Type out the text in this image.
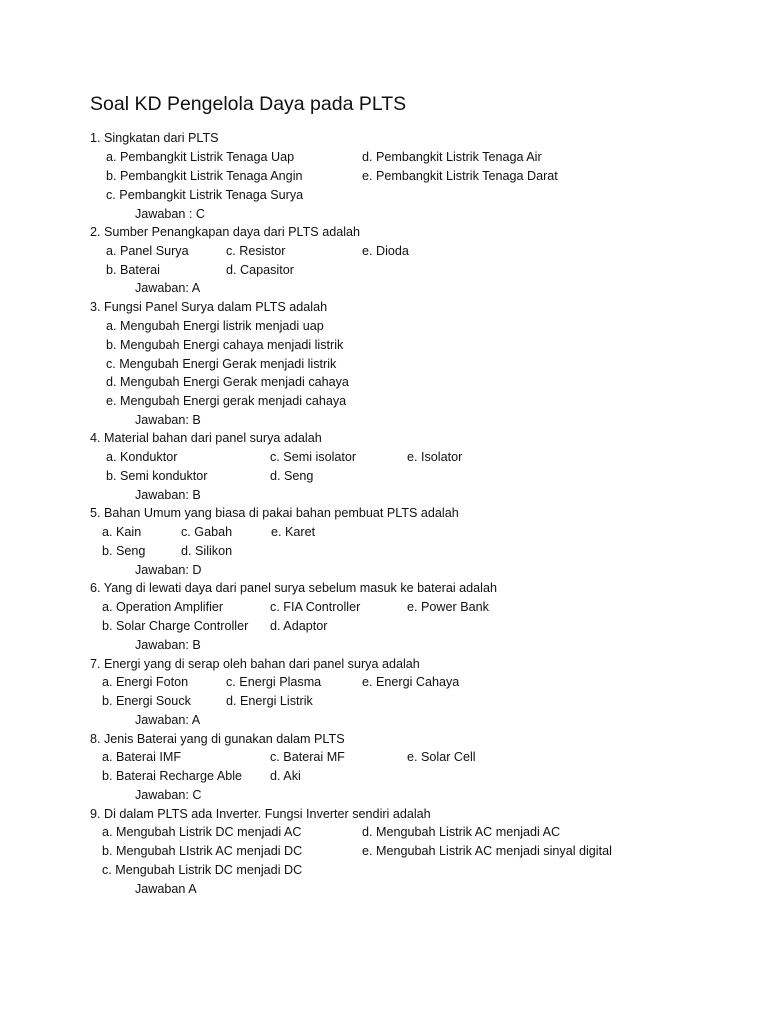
Soal KD Pengelola Daya pada PLTS
1. Singkatan dari PLTS
a. Pembangkit Listrik Tenaga Uap	d. Pembangkit Listrik Tenaga Air
b. Pembangkit Listrik Tenaga Angin	e. Pembangkit Listrik Tenaga Darat
c. Pembangkit Listrik Tenaga Surya
Jawaban : C
2. Sumber Penangkapan daya dari PLTS adalah
a. Panel Surya	c. Resistor	e. Dioda
b. Baterai	d. Capasitor
Jawaban: A
3. Fungsi Panel Surya dalam PLTS adalah
a. Mengubah Energi listrik menjadi uap
b. Mengubah Energi cahaya menjadi listrik
c. Mengubah Energi Gerak menjadi listrik
d. Mengubah Energi Gerak menjadi cahaya
e. Mengubah Energi gerak menjadi cahaya
Jawaban: B
4. Material bahan dari panel surya adalah
a. Konduktor	c. Semi isolator	e. Isolator
b. Semi konduktor	d. Seng
Jawaban: B
5. Bahan Umum yang biasa di pakai bahan pembuat PLTS adalah
a. Kain	c. Gabah	e. Karet
b. Seng	d. Silikon
Jawaban: D
6. Yang di lewati daya dari panel surya sebelum masuk ke baterai adalah
a. Operation Amplifier	c. FIA Controller	e. Power Bank
b. Solar Charge Controller d. Adaptor
Jawaban: B
7. Energi yang di serap oleh bahan dari panel surya adalah
a. Energi Foton	c. Energi Plasma	e. Energi Cahaya
b. Energi Souck	d. Energi Listrik
Jawaban: A
8. Jenis Baterai yang di gunakan dalam PLTS
a. Baterai IMF	c. Baterai MF	e. Solar Cell
b. Baterai Recharge Able d. Aki
Jawaban: C
9. Di dalam PLTS ada Inverter. Fungsi Inverter sendiri adalah
a. Mengubah Listrik DC menjadi AC	d. Mengubah Listrik AC menjadi AC
b. Mengubah LIstrik AC menjadi DC	e. Mengubah Listrik AC menjadi sinyal digital
c. Mengubah Listrik DC menjadi DC
Jawaban A
